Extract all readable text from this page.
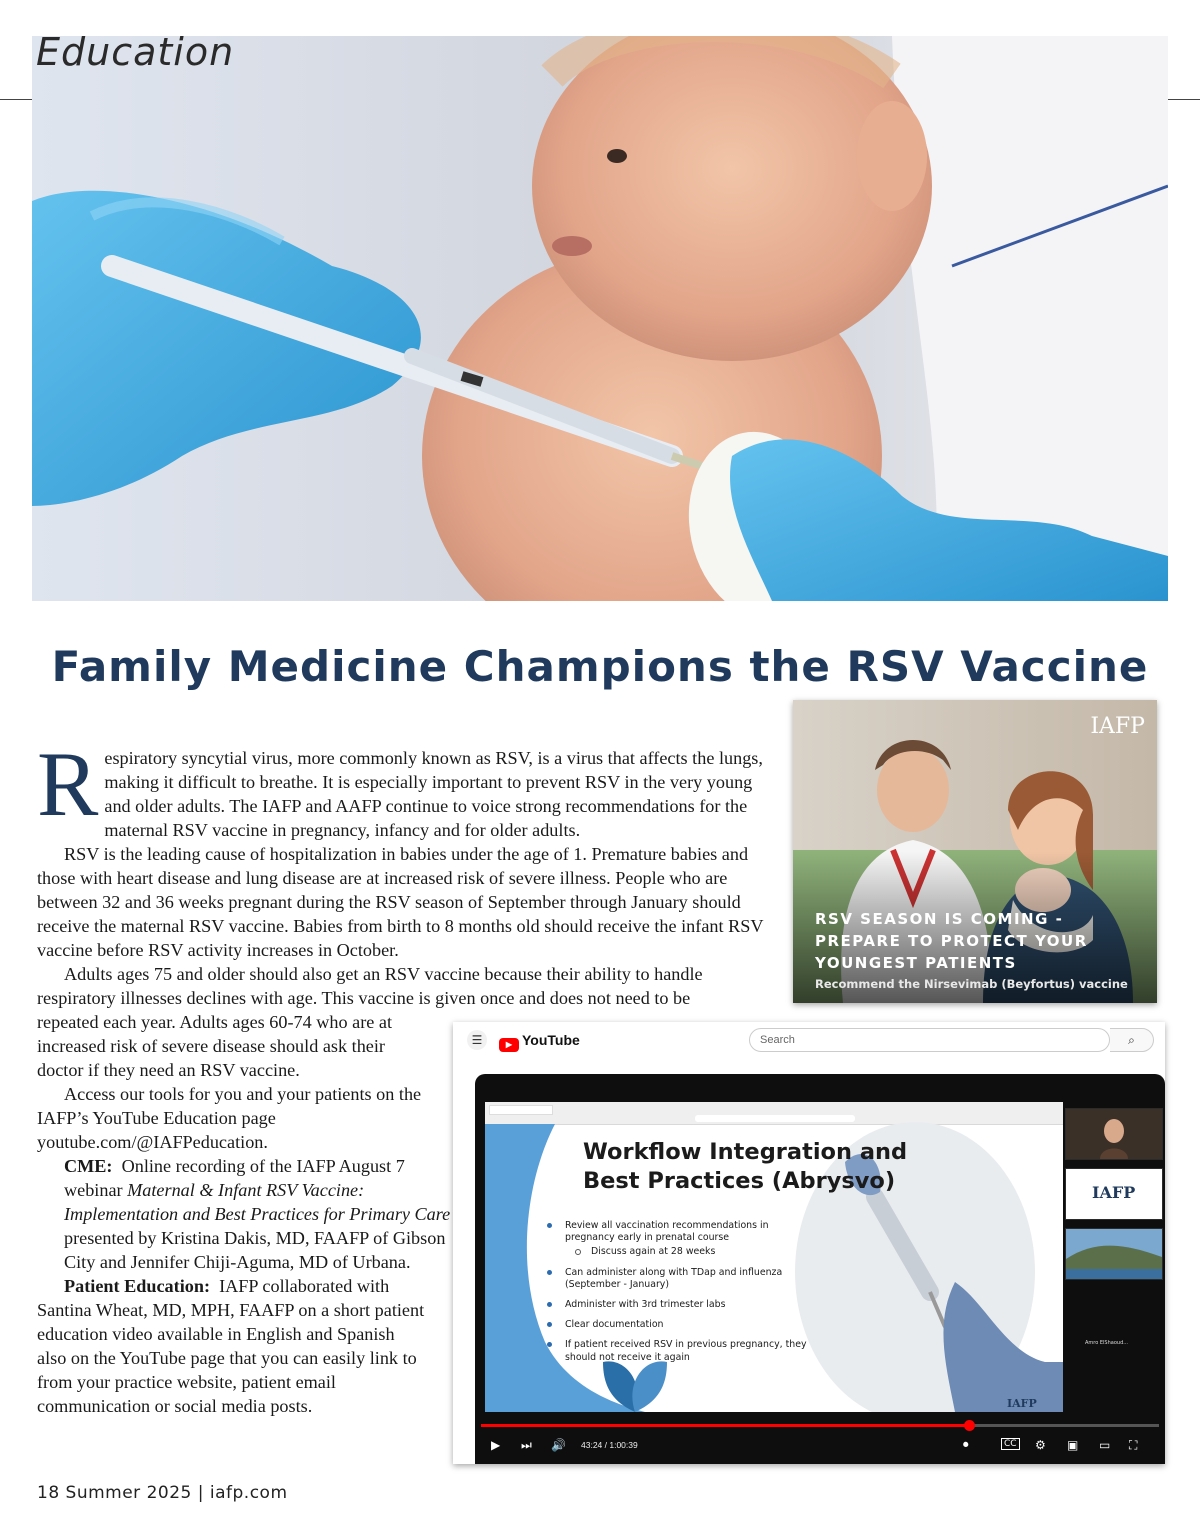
Education
Family Medicine Champions the RSV Vaccine

Respiratory syncytial virus, more commonly known as RSV, is a virus that affects the lungs, making it difficult to breathe. It is especially important to prevent RSV in the very young and older adults. The IAFP and AAFP continue to voice strong recommendations for the maternal RSV vaccine in pregnancy, infancy and for older adults.

RSV is the leading cause of hospitalization in babies under the age of 1. Premature babies and those with heart disease and lung disease are at increased risk of severe illness. People who are between 32 and 36 weeks pregnant during the RSV season of September through January should receive the maternal RSV vaccine. Babies from birth to 8 months old should receive the infant RSV vaccine before RSV activity increases in October.

Adults ages 75 and older should also get an RSV vaccine because their ability to handle respiratory illnesses declines with age. This vaccine is given once and does not need to be

repeated each year. Adults ages 60-74 who are at increased risk of severe disease should ask their doctor if they need an RSV vaccine.

Access our tools for you and your patients on the IAFP’s YouTube Education page youtube.com/@IAFPeducation.

CME: Online recording of the IAFP August 7 webinar Maternal & Infant RSV Vaccine: Implementation and Best Practices for Primary Care presented by Kristina Dakis, MD, FAAFP of Gibson City and Jennifer Chiji-Aguma, MD of Urbana.

Patient Education: IAFP collaborated with Santina Wheat, MD, MPH, FAAFP on a short patient education video available in English and Spanish also on the YouTube page that you can easily link to from your practice website, patient email communication or social media posts.

IAFP
RSV SEASON IS COMING -
PREPARE TO PROTECT YOUR
YOUNGEST PATIENTS
Recommend the Nirsevimab (Beyfortus) vaccine
☰	▶ YouTube	Search	⌕
Workflow Integration and
Best Practices (Abrysvo)
Review all vaccination recommendations in pregnancy early in prenatal course
Discuss again at 28 weeks
Can administer along with TDap and influenza (September - January)
Administer with 3rd trimester labs
Clear documentation
If patient received RSV in previous pregnancy, they should not receive it again
IAFP
IAFP
Amro ElShaoud...
▶ ⏭ 🔊 43:24 / 1:00:39	⏺	CC ⚙ ▣ ▭ ⛶
18 Summer 2025 | iafp.com
